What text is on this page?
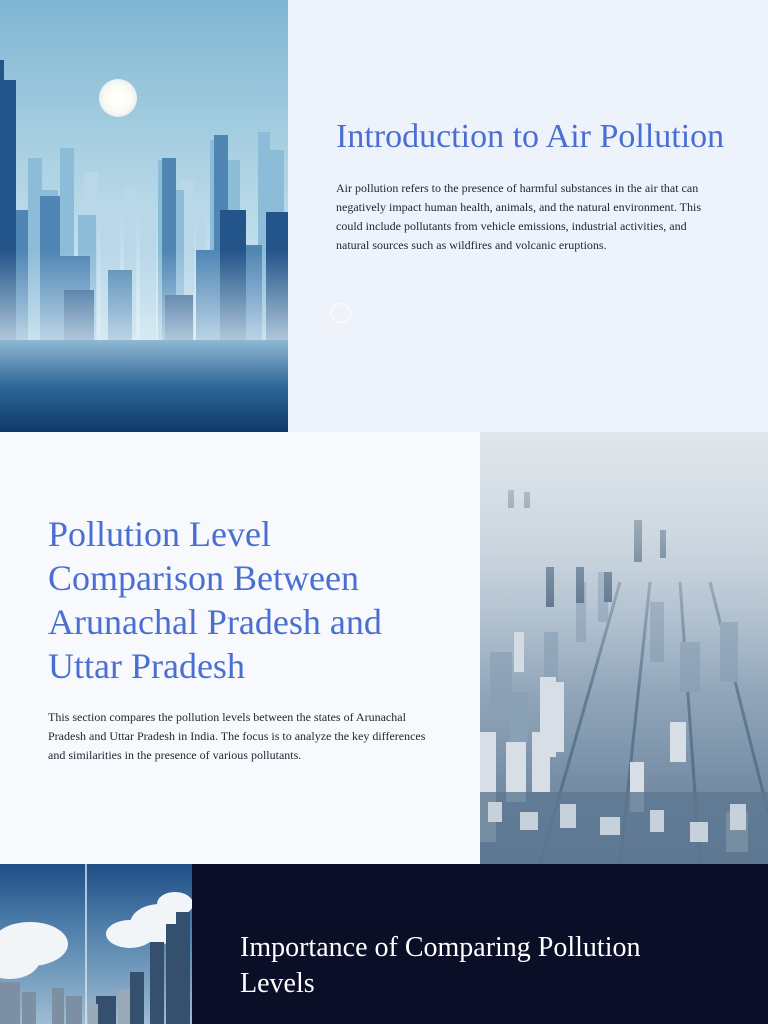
Introduction to Air Pollution

Air pollution refers to the presence of harmful substances in the air that can negatively impact human health, animals, and the natural environment. This could include pollutants from vehicle emissions, industrial activities, and natural sources such as wildfires and volcanic eruptions.

Pollution Level Comparison Between Arunachal Pradesh and Uttar Pradesh

This section compares the pollution levels between the states of Arunachal Pradesh and Uttar Pradesh in India. The focus is to analyze the key differences and similarities in the presence of various pollutants.

Importance of Comparing Pollution Levels
